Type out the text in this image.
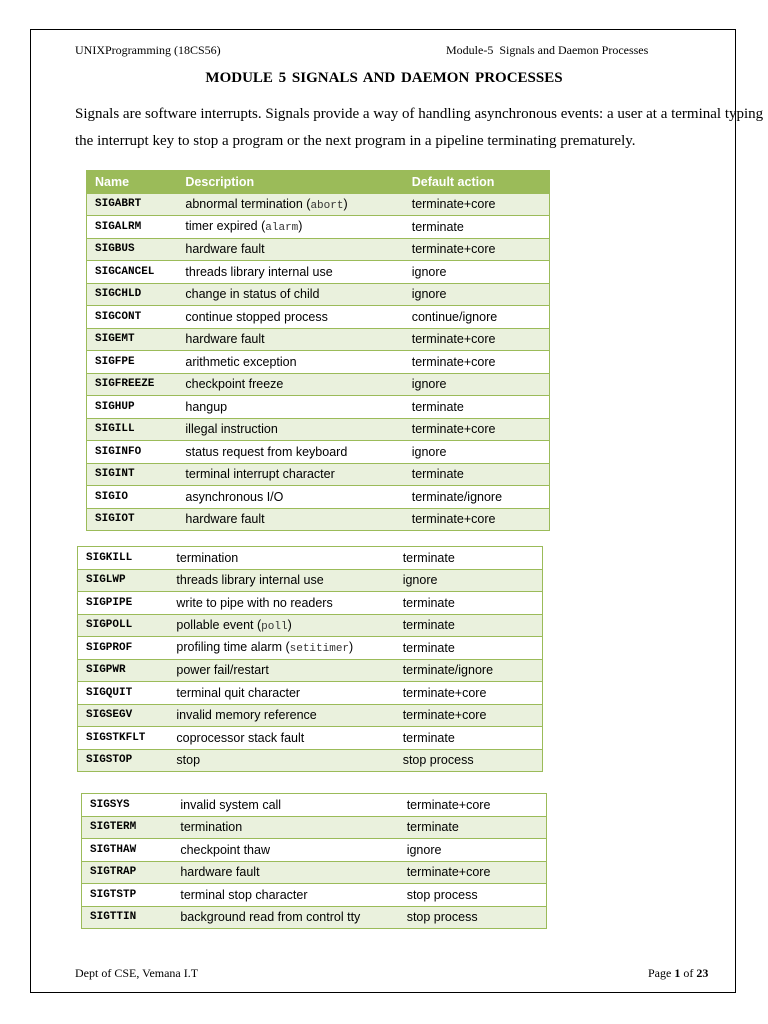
UNIXProgramming (18CS56)	Module-5  Signals and Daemon Processes
MODULE 5 SIGNALS AND DAEMON PROCESSES
Signals are software interrupts. Signals provide a way of handling asynchronous events: a user at a terminal typing the interrupt key to stop a program or the next program in a pipeline terminating prematurely.
Name	Description	Default action
SIGABRT	abnormal termination (abort)	terminate+core
SIGALRM	timer expired (alarm)	terminate
SIGBUS	hardware fault	terminate+core
SIGCANCEL	threads library internal use	ignore
SIGCHLD	change in status of child	ignore
SIGCONT	continue stopped process	continue/ignore
SIGEMT	hardware fault	terminate+core
SIGFPE	arithmetic exception	terminate+core
SIGFREEZE	checkpoint freeze	ignore
SIGHUP	hangup	terminate
SIGILL	illegal instruction	terminate+core
SIGINFO	status request from keyboard	ignore
SIGINT	terminal interrupt character	terminate
SIGIO	asynchronous I/O	terminate/ignore
SIGIOT	hardware fault	terminate+core
SIGKILL	termination	terminate
SIGLWP	threads library internal use	ignore
SIGPIPE	write to pipe with no readers	terminate
SIGPOLL	pollable event (poll)	terminate
SIGPROF	profiling time alarm (setitimer)	terminate
SIGPWR	power fail/restart	terminate/ignore
SIGQUIT	terminal quit character	terminate+core
SIGSEGV	invalid memory reference	terminate+core
SIGSTKFLT	coprocessor stack fault	terminate
SIGSTOP	stop	stop process
SIGSYS	invalid system call	terminate+core
SIGTERM	termination	terminate
SIGTHAW	checkpoint thaw	ignore
SIGTRAP	hardware fault	terminate+core
SIGTSTP	terminal stop character	stop process
SIGTTIN	background read from control tty	stop process
Dept of CSE, Vemana I.T	Page 1 of 23
